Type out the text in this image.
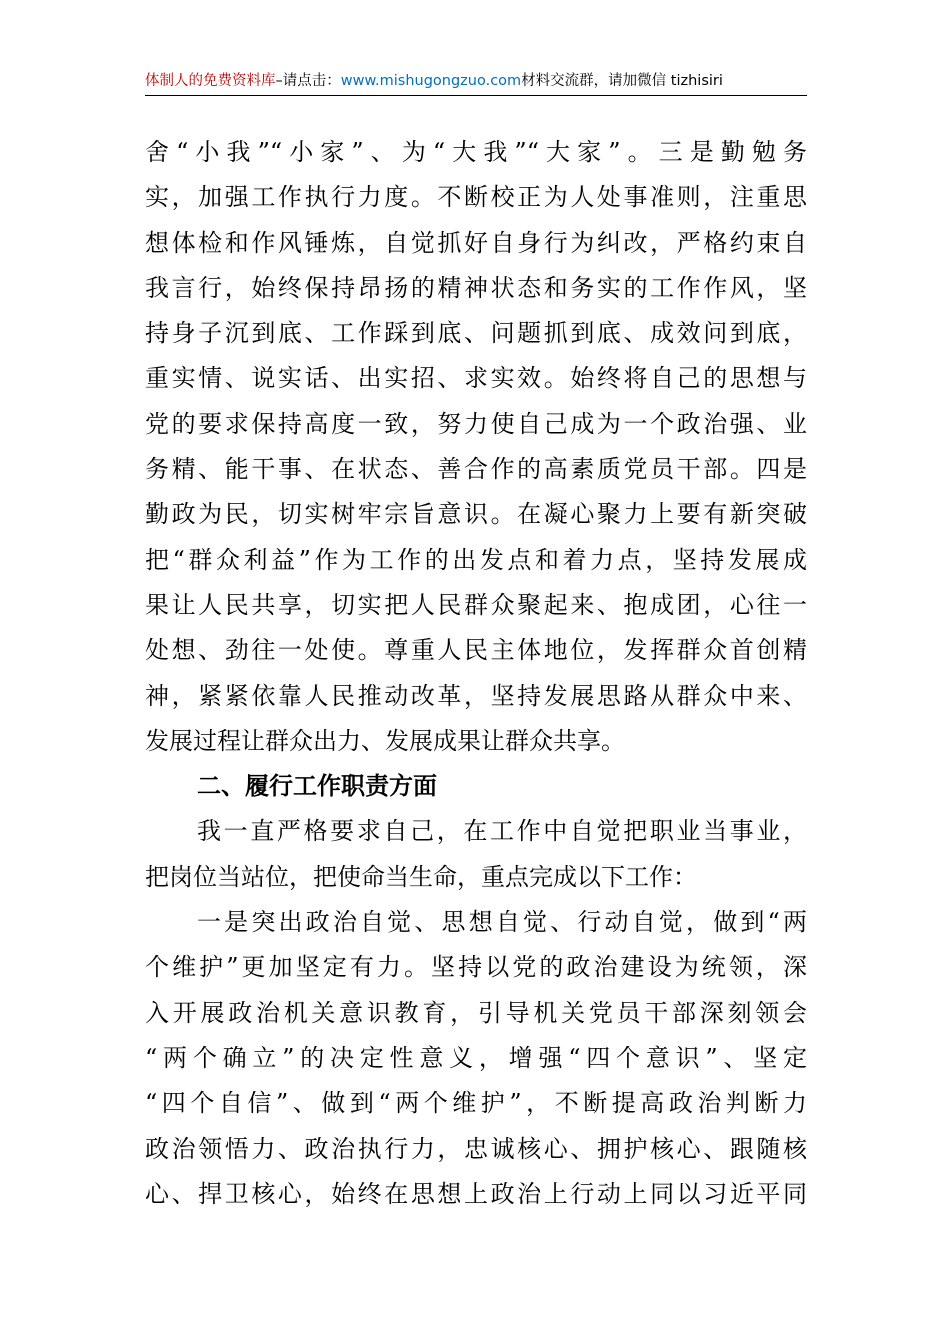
体制人的免费资料库–请点击：www.mishugongzuo.com材料交流群，请加微信 tizhisiri
舍“小我”“小家”、为“大我”“大家”。三是勤勉务
实，加强工作执行力度。不断校正为人处事准则，注重思
想体检和作风锤炼，自觉抓好自身行为纠改，严格约束自
我言行，始终保持昂扬的精神状态和务实的工作作风，坚
持身子沉到底、工作踩到底、问题抓到底、成效问到底，
重实情、说实话、出实招、求实效。始终将自己的思想与
党的要求保持高度一致，努力使自己成为一个政治强、业
务精、能干事、在状态、善合作的高素质党员干部。四是
勤政为民，切实树牢宗旨意识。在凝心聚力上要有新突破
把“群众利益”作为工作的出发点和着力点，坚持发展成
果让人民共享，切实把人民群众聚起来、抱成团，心往一
处想、劲往一处使。尊重人民主体地位，发挥群众首创精
神，紧紧依靠人民推动改革，坚持发展思路从群众中来、
发展过程让群众出力、发展成果让群众共享。
二、履行工作职责方面
我一直严格要求自己，在工作中自觉把职业当事业，
把岗位当站位，把使命当生命，重点完成以下工作：
一是突出政治自觉、思想自觉、行动自觉，做到“两
个维护”更加坚定有力。坚持以党的政治建设为统领，深
入开展政治机关意识教育，引导机关党员干部深刻领会
“两个确立”的决定性意义，增强“四个意识”、坚定
“四个自信”、做到“两个维护”，不断提高政治判断力
政治领悟力、政治执行力，忠诚核心、拥护核心、跟随核
心、捍卫核心，始终在思想上政治上行动上同以习近平同
